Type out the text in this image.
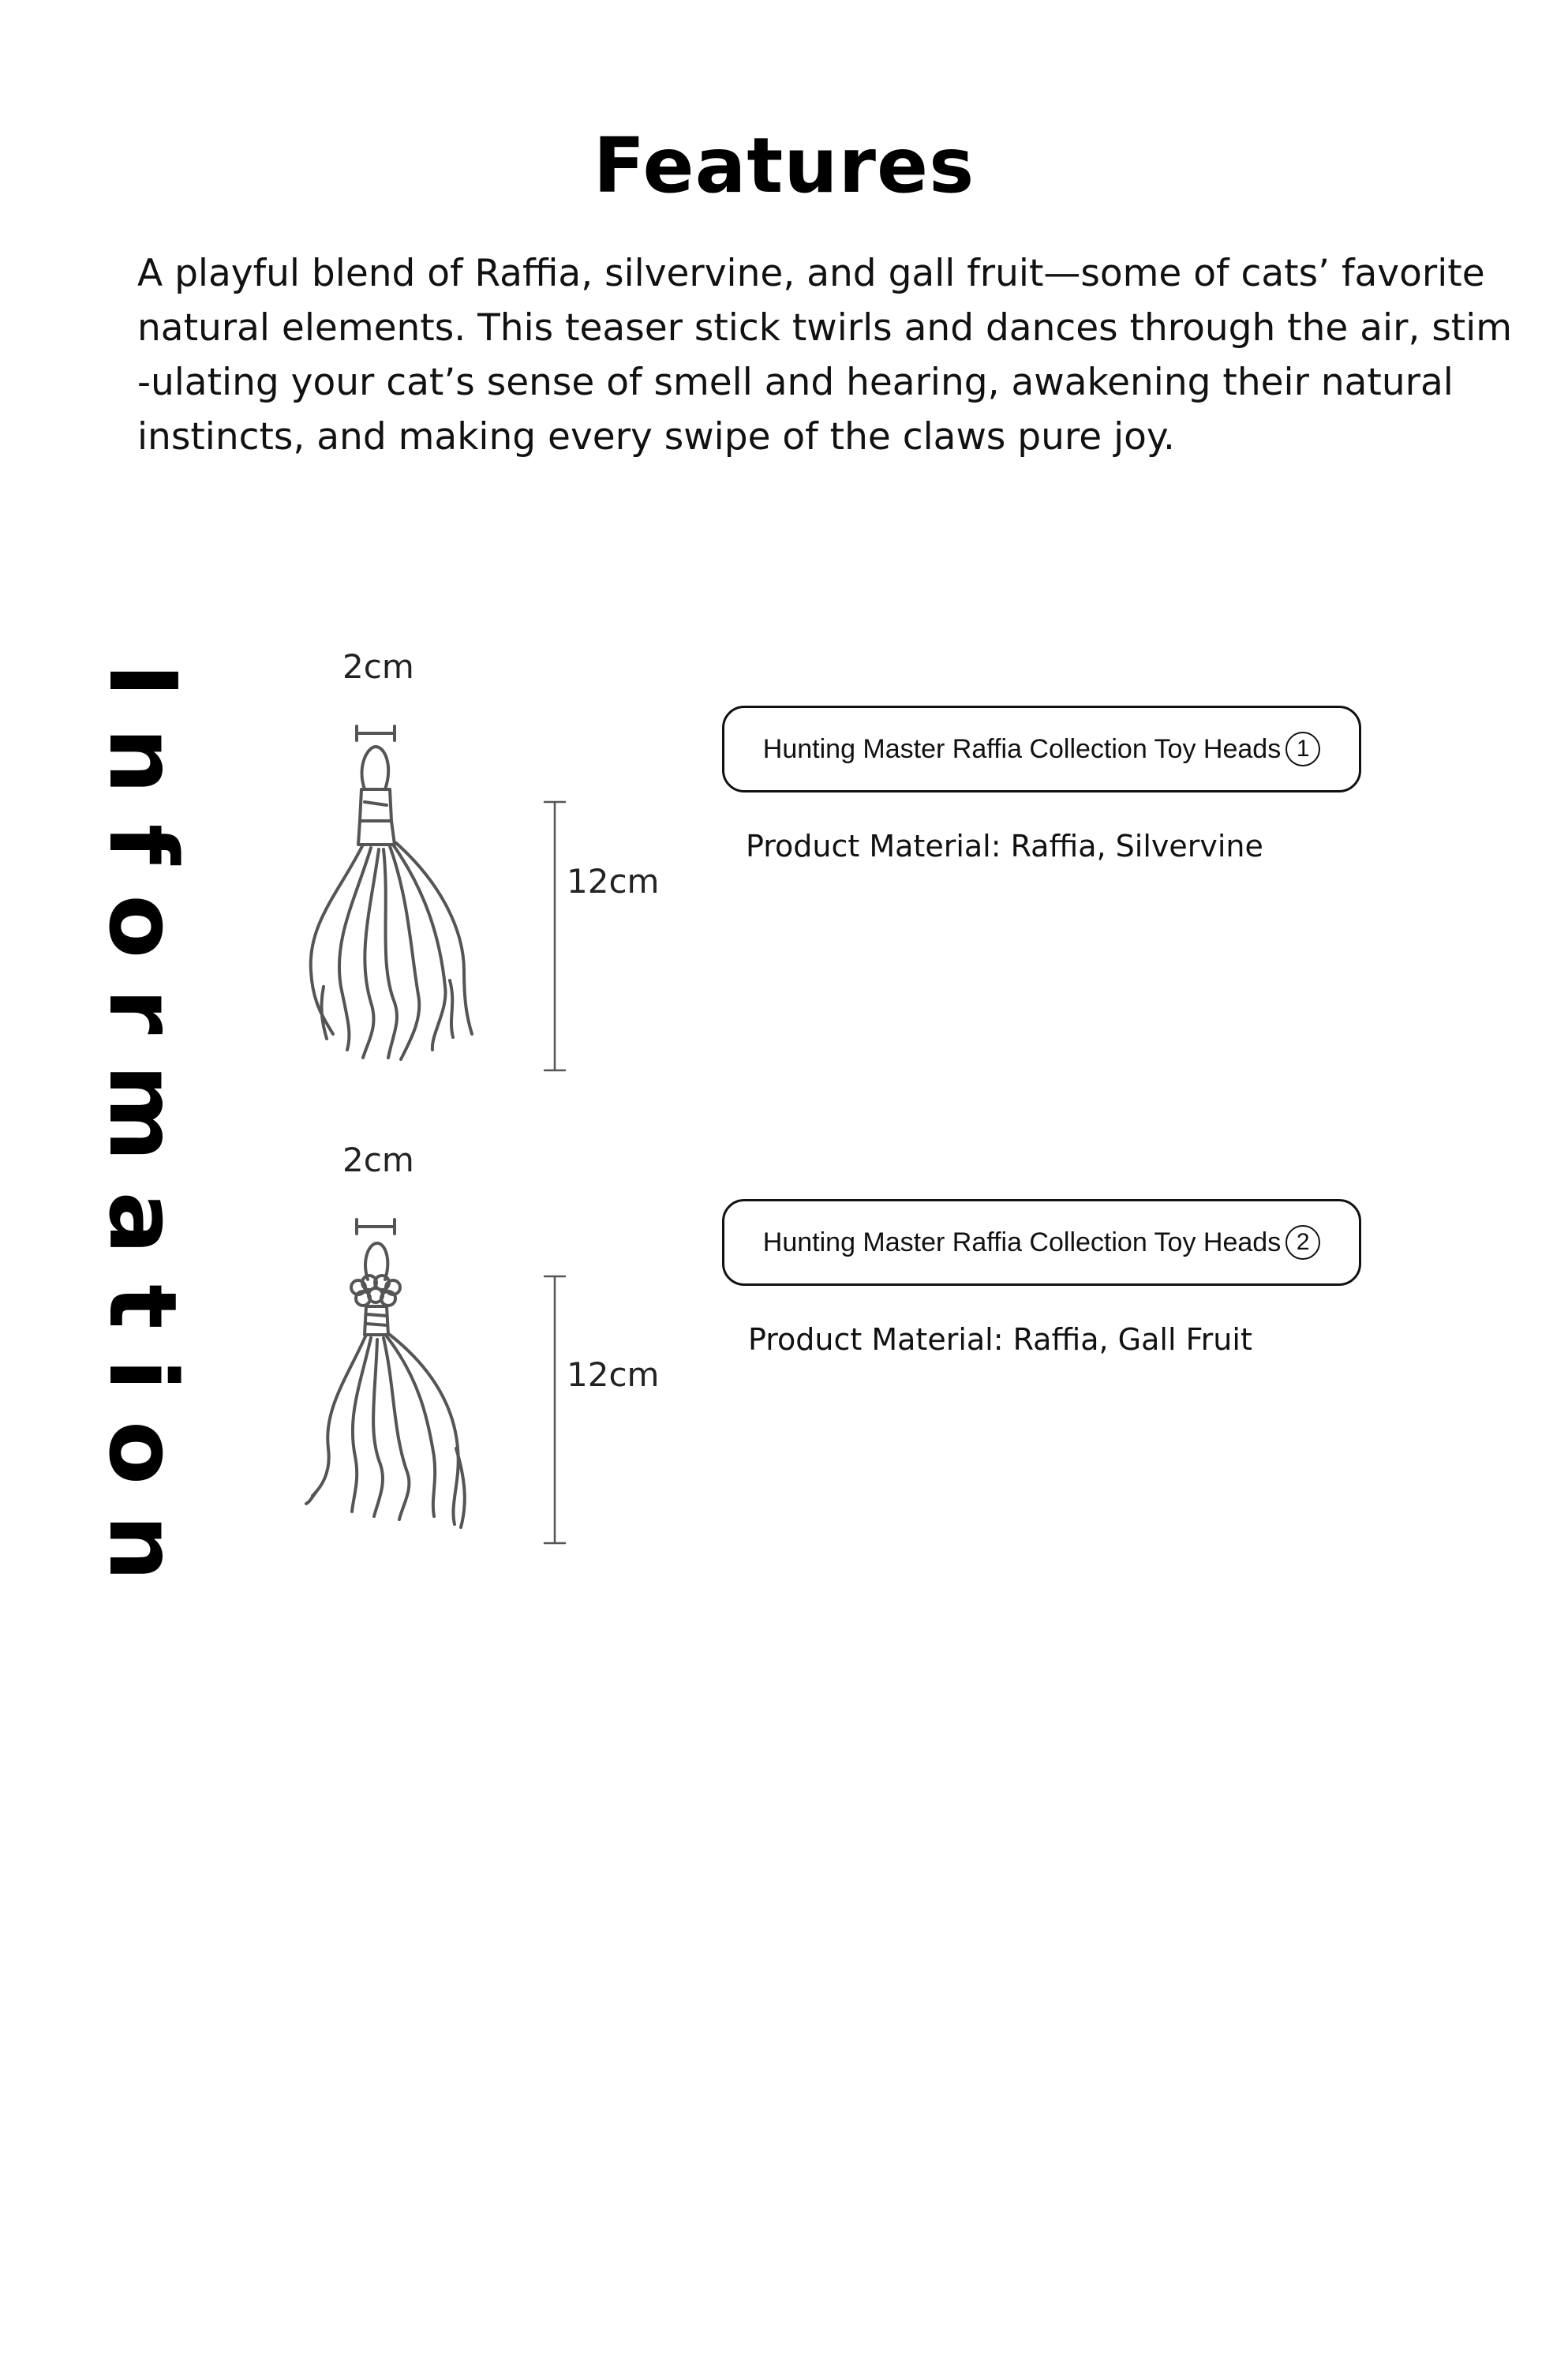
Features
A playful blend of Raffia, silvervine, and gall fruit—some of cats’ favorite
natural elements. This teaser stick twirls and dances through the air, stim
-ulating your cat’s sense of smell and hearing, awakening their natural
instincts, and making every swipe of the claws pure joy.
Information	2cm
12cm
Hunting Master Raffia Collection Toy Heads 1
Product Material: Raffia, Silvervine
2cm
12cm
Hunting Master Raffia Collection Toy Heads 2
Product Material: Raffia, Gall Fruit
